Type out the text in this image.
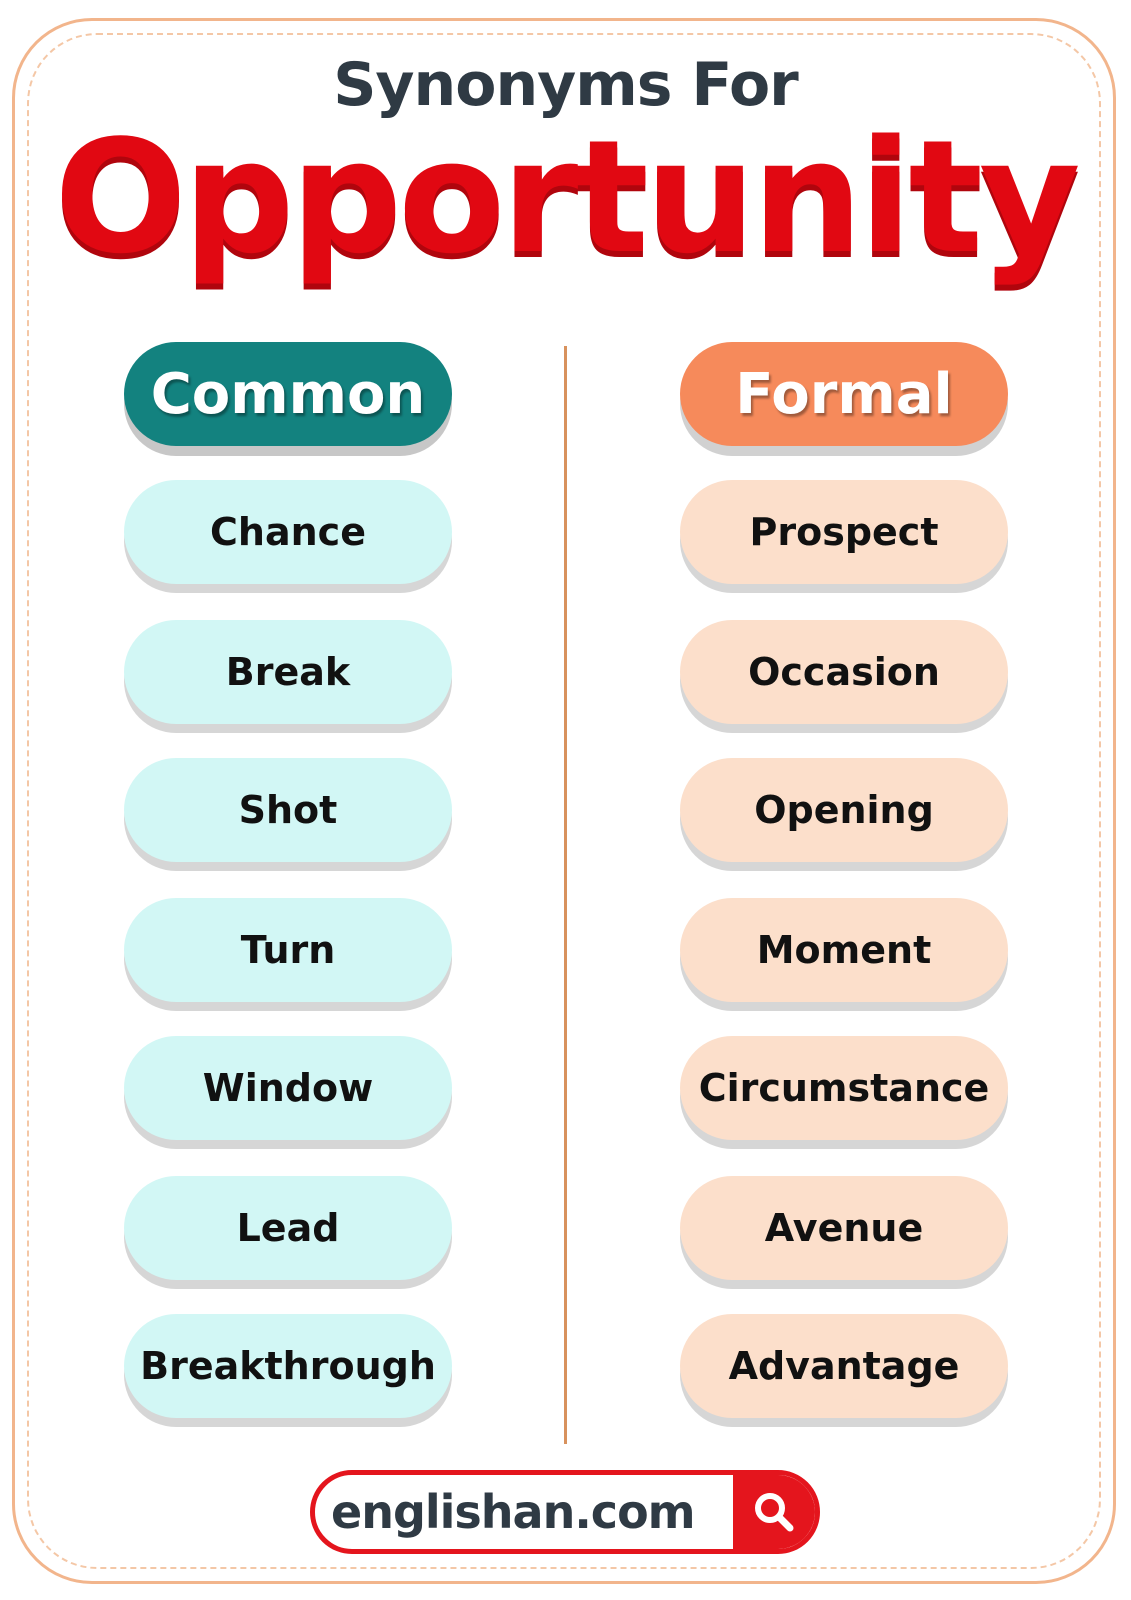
Synonyms For
Opportunity
Common
Chance
Break
Shot
Turn
Window
Lead
Breakthrough
Formal
Prospect
Occasion
Opening
Moment
Circumstance
Avenue
Advantage
englishan.com
